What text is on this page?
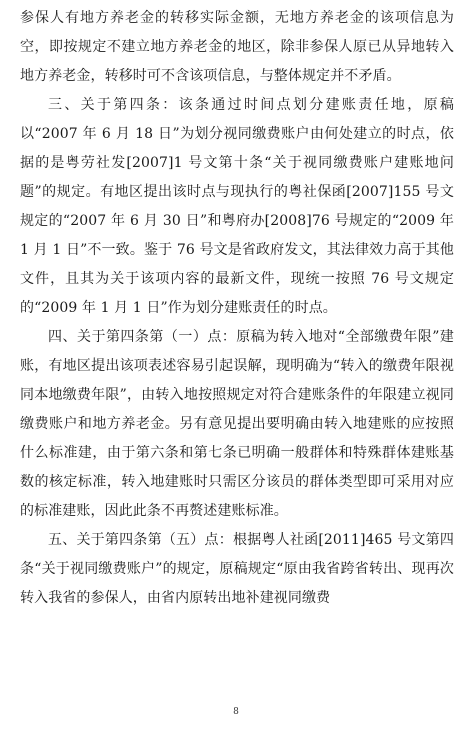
参保人有地方养老金的转移实际金额，无地方养老金的该项信息为空，即按规定不建立地方养老金的地区，除非参保人原已从异地转入地方养老金，转移时可不含该项信息，与整体规定并不矛盾。

三、关于第四条：该条通过时间点划分建账责任地，原稿以“2007 年 6 月 18 日”为划分视同缴费账户由何处建立的时点，依据的是粤劳社发[2007]1 号文第十条“关于视同缴费账户建账地问题”的规定。有地区提出该时点与现执行的粤社保函[2007]155 号文规定的“2007 年 6 月 30 日”和粤府办[2008]76 号规定的“2009 年 1 月 1 日”不一致。鉴于 76 号文是省政府发文，其法律效力高于其他文件，且其为关于该项内容的最新文件，现统一按照 76 号文规定的“2009 年 1 月 1 日”作为划分建账责任的时点。

四、关于第四条第（一）点：原稿为转入地对“全部缴费年限”建账，有地区提出该项表述容易引起误解，现明确为“转入的缴费年限视同本地缴费年限”，由转入地按照规定对符合建账条件的年限建立视同缴费账户和地方养老金。另有意见提出要明确由转入地建账的应按照什么标准建，由于第六条和第七条已明确一般群体和特殊群体建账基数的核定标准，转入地建账时只需区分该员的群体类型即可采用对应的标准建账，因此此条不再赘述建账标准。

五、关于第四条第（五）点：根据粤人社函[2011]465 号文第四条“关于视同缴费账户”的规定，原稿规定“原由我省跨省转出、现再次转入我省的参保人，由省内原转出地补建视同缴费

8
